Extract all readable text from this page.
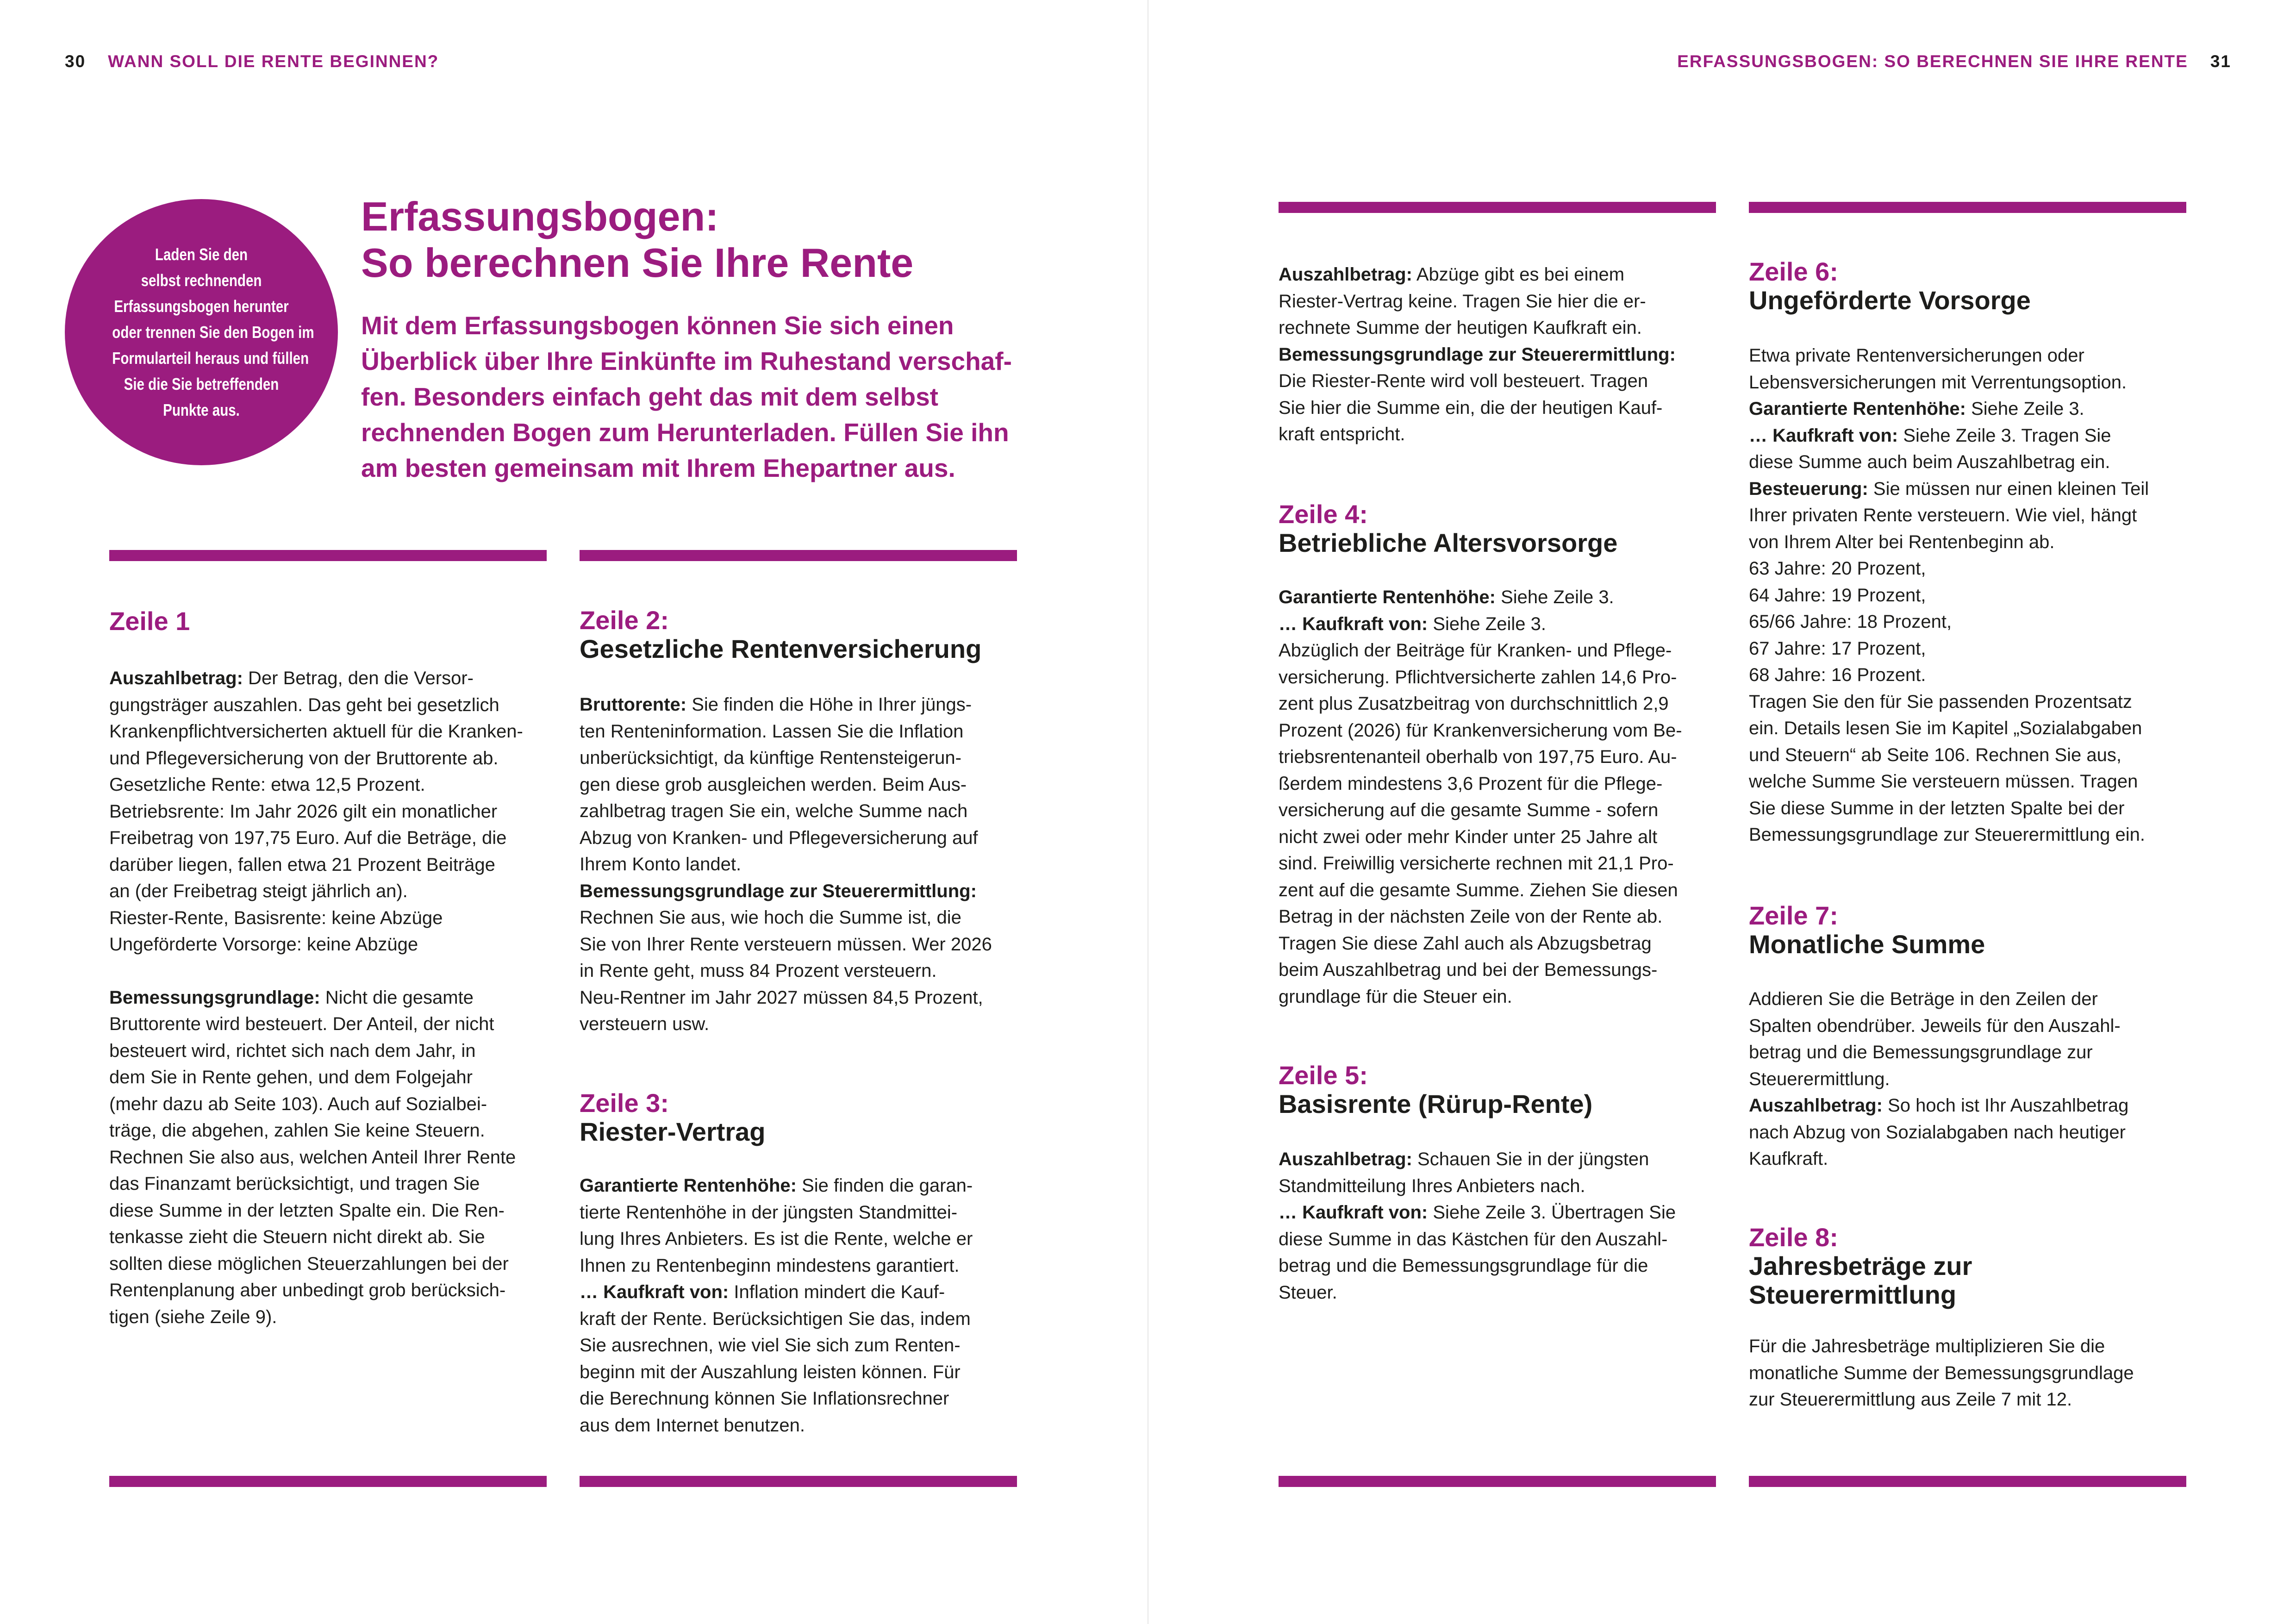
30 WANN SOLL DIE RENTE BEGINNEN?	ERFASSUNGSBOGEN: SO BERECHNEN SIE IHRE RENTE 31
Laden Sie den
selbst rechnenden
Erfassungsbogen herunter
oder trennen Sie den Bogen im
Formularteil heraus und füllen
Sie die Sie betreffenden
Punkte aus.
Erfassungsbogen:
So berechnen Sie Ihre Rente
Mit dem Erfassungsbogen können Sie sich einen
Überblick über Ihre Einkünfte im Ruhestand verschaf-
fen. Besonders einfach geht das mit dem selbst
rechnenden Bogen zum Herunterladen. Füllen Sie ihn
am besten gemeinsam mit Ihrem Ehepartner aus.
Zeile 1

Auszahlbetrag: Der Betrag, den die Versor-
gungsträger auszahlen. Das geht bei gesetzlich
Krankenpflichtversicherten aktuell für die Kranken-
und Pflegeversicherung von der Bruttorente ab.
Gesetzliche Rente: etwa 12,5 Prozent.
Betriebsrente: Im Jahr 2026 gilt ein monatlicher
Freibetrag von 197,75 Euro. Auf die Beträge, die
darüber liegen, fallen etwa 21 Prozent Beiträge
an (der Freibetrag steigt jährlich an).
Riester-Rente, Basisrente: keine Abzüge
Ungeförderte Vorsorge: keine Abzüge

Bemessungsgrundlage: Nicht die gesamte
Bruttorente wird besteuert. Der Anteil, der nicht
besteuert wird, richtet sich nach dem Jahr, in
dem Sie in Rente gehen, und dem Folgejahr
(mehr dazu ab Seite 103). Auch auf Sozialbei-
träge, die abgehen, zahlen Sie keine Steuern.
Rechnen Sie also aus, welchen Anteil Ihrer Rente
das Finanzamt berücksichtigt, und tragen Sie
diese Summe in der letzten Spalte ein. Die Ren-
tenkasse zieht die Steuern nicht direkt ab. Sie
sollten diese möglichen Steuerzahlungen bei der
Rentenplanung aber unbedingt grob berücksich-
tigen (siehe Zeile 9).

Zeile 2:
Gesetzliche Rentenversicherung

Bruttorente: Sie finden die Höhe in Ihrer jüngs-
ten Renteninformation. Lassen Sie die Inflation
unberücksichtigt, da künftige Rentensteigerun-
gen diese grob ausgleichen werden. Beim Aus-
zahlbetrag tragen Sie ein, welche Summe nach
Abzug von Kranken- und Pflegeversicherung auf
Ihrem Konto landet.

Bemessungsgrundlage zur Steuerermittlung:
Rechnen Sie aus, wie hoch die Summe ist, die
Sie von Ihrer Rente versteuern müssen. Wer 2026
in Rente geht, muss 84 Prozent versteuern.
Neu-Rentner im Jahr 2027 müssen 84,5 Prozent,
versteuern usw.

Zeile 3:
Riester-Vertrag

Garantierte Rentenhöhe: Sie finden die garan-
tierte Rentenhöhe in der jüngsten Standmittei-
lung Ihres Anbieters. Es ist die Rente, welche er
Ihnen zu Rentenbeginn mindestens garantiert.

… Kaufkraft von: Inflation mindert die Kauf-
kraft der Rente. Berücksichtigen Sie das, indem
Sie ausrechnen, wie viel Sie sich zum Renten-
beginn mit der Auszahlung leisten können. Für
die Berechnung können Sie Inflationsrechner
aus dem Internet benutzen.

Auszahlbetrag: Abzüge gibt es bei einem
Riester-Vertrag keine. Tragen Sie hier die er-
rechnete Summe der heutigen Kaufkraft ein.

Bemessungsgrundlage zur Steuerermittlung:
Die Riester-Rente wird voll besteuert. Tragen
Sie hier die Summe ein, die der heutigen Kauf-
kraft entspricht.

Zeile 4:
Betriebliche Altersvorsorge

Garantierte Rentenhöhe: Siehe Zeile 3.
… Kaufkraft von: Siehe Zeile 3.
Abzüglich der Beiträge für Kranken- und Pflege-
versicherung. Pflichtversicherte zahlen 14,6 Pro-
zent plus Zusatzbeitrag von durchschnittlich 2,9
Prozent (2026) für Krankenversicherung vom Be-
triebsrentenanteil oberhalb von 197,75 Euro. Au-
ßerdem mindestens 3,6 Prozent für die Pflege-
versicherung auf die gesamte Summe - sofern
nicht zwei oder mehr Kinder unter 25 Jahre alt
sind. Freiwillig versicherte rechnen mit 21,1 Pro-
zent auf die gesamte Summe. Ziehen Sie diesen
Betrag in der nächsten Zeile von der Rente ab.
Tragen Sie diese Zahl auch als Abzugsbetrag
beim Auszahlbetrag und bei der Bemessungs-
grundlage für die Steuer ein.

Zeile 5:
Basisrente (Rürup-Rente)

Auszahlbetrag: Schauen Sie in der jüngsten
Standmitteilung Ihres Anbieters nach.

… Kaufkraft von: Siehe Zeile 3. Übertragen Sie
diese Summe in das Kästchen für den Auszahl-
betrag und die Bemessungsgrundlage für die
Steuer.

Zeile 6:
Ungeförderte Vorsorge

Etwa private Rentenversicherungen oder
Lebensversicherungen mit Verrentungsoption.
Garantierte Rentenhöhe: Siehe Zeile 3.
… Kaufkraft von: Siehe Zeile 3. Tragen Sie
diese Summe auch beim Auszahlbetrag ein.
Besteuerung: Sie müssen nur einen kleinen Teil
Ihrer privaten Rente versteuern. Wie viel, hängt
von Ihrem Alter bei Rentenbeginn ab.
63 Jahre: 20 Prozent,
64 Jahre: 19 Prozent,
65/66 Jahre: 18 Prozent,
67 Jahre: 17 Prozent,
68 Jahre: 16 Prozent.
Tragen Sie den für Sie passenden Prozentsatz
ein. Details lesen Sie im Kapitel „Sozialabgaben
und Steuern“ ab Seite 106. Rechnen Sie aus,
welche Summe Sie versteuern müssen. Tragen
Sie diese Summe in der letzten Spalte bei der
Bemessungsgrundlage zur Steuerermittlung ein.

Zeile 7:
Monatliche Summe

Addieren Sie die Beträge in den Zeilen der
Spalten obendrüber. Jeweils für den Auszahl-
betrag und die Bemessungsgrundlage zur
Steuerermittlung.
Auszahlbetrag: So hoch ist Ihr Auszahlbetrag
nach Abzug von Sozialabgaben nach heutiger
Kaufkraft.

Zeile 8:
Jahresbeträge zur
Steuerermittlung

Für die Jahresbeträge multiplizieren Sie die
monatliche Summe der Bemessungsgrundlage
zur Steuerermittlung aus Zeile 7 mit 12.
